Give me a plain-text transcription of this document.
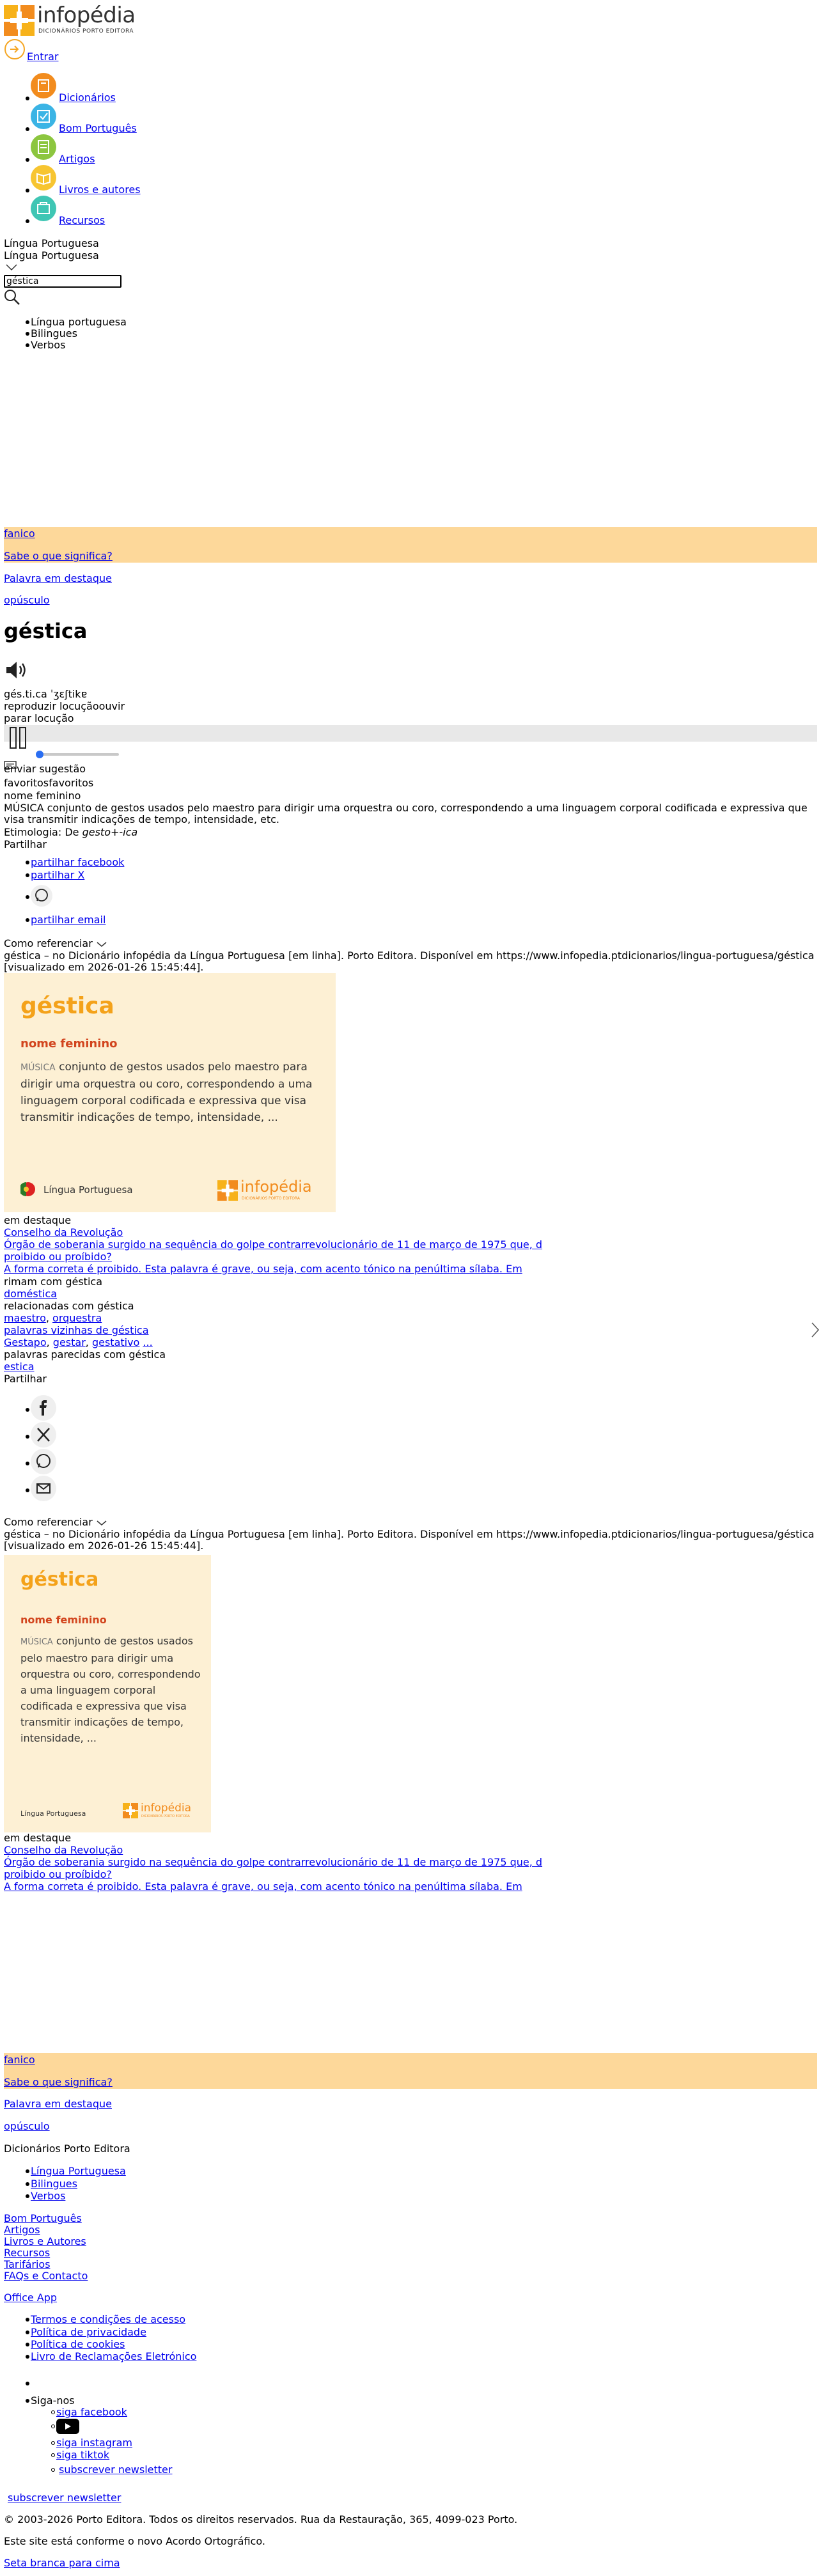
infopédia
DICIONÁRIOS PORTO EDITORA
Entrar
Dicionários
Bom Português
Artigos
Livros e autores
Recursos
Língua Portuguesa
Língua Portuguesa
géstica
Língua portuguesa
Bilingues
Verbos
fanico
Sabe o que significa?
Palavra em destaque
opúsculo
géstica
gés.ti.ca ˈʒɛʃtikɐ
reproduzir locuçãoouvir
parar locução
enviar sugestão
favoritosfavoritos
nome feminino
MÚSICA conjunto de gestos usados pelo maestro para dirigir uma orquestra ou coro, correspondendo a uma linguagem corporal codificada e expressiva que visa transmitir indicações de tempo, intensidade, etc.
Etimologia: De gesto+-ica
Partilhar
partilhar facebook
partilhar X
partilhar email
Como referenciar
géstica – no Dicionário infopédia da Língua Portuguesa [em linha]. Porto Editora. Disponível em https://www.infopedia.ptdicionarios/lingua-portuguesa/géstica [visualizado em 2026-01-26 15:45:44].
géstica
nome feminino
MÚSICA conjunto de gestos usados pelo maestro para dirigir uma orquestra ou coro, correspondendo a uma linguagem corporal codificada e expressiva que visa transmitir indicações de tempo, intensidade, ...
Língua Portuguesa	infopédia
DICIONÁRIOS PORTO EDITORA
em destaque
Conselho da Revolução
Órgão de soberania surgido na sequência do golpe contrarrevolucionário de 11 de março de 1975 que, d
proibido ou proíbido?
A forma correta é proibido. Esta palavra é grave, ou seja, com acento tónico na penúltima sílaba. Em
rimam com géstica
doméstica
relacionadas com géstica
maestro, orquestra
palavras vizinhas de géstica
Gestapo, gestar, gestativo ...
palavras parecidas com géstica
estica
Partilhar
Como referenciar
géstica – no Dicionário infopédia da Língua Portuguesa [em linha]. Porto Editora. Disponível em https://www.infopedia.ptdicionarios/lingua-portuguesa/géstica [visualizado em 2026-01-26 15:45:44].
géstica
nome feminino
MÚSICA conjunto de gestos usados pelo maestro para dirigir uma orquestra ou coro, correspondendo a uma linguagem corporal codificada e expressiva que visa transmitir indicações de tempo, intensidade, ...
Língua Portuguesa	infopédia
DICIONÁRIOS PORTO EDITORA
em destaque
Conselho da Revolução
Órgão de soberania surgido na sequência do golpe contrarrevolucionário de 11 de março de 1975 que, d
proibido ou proíbido?
A forma correta é proibido. Esta palavra é grave, ou seja, com acento tónico na penúltima sílaba. Em
fanico
Sabe o que significa?
Palavra em destaque
opúsculo
Dicionários Porto Editora
Língua Portuguesa
Bilingues
Verbos
Bom Português
Artigos
Livros e Autores
Recursos
Tarifários
FAQs e Contacto
Office App
Termos e condições de acesso
Política de privacidade
Política de cookies
Livro de Reclamações Eletrónico
Siga-nos
siga facebook
siga instagram
siga tiktok
subscrever newsletter
subscrever newsletter
© 2003-2026 Porto Editora. Todos os direitos reservados. Rua da Restauração, 365, 4099-023 Porto.
Este site está conforme o novo Acordo Ortográfico.
Seta branca para cima
